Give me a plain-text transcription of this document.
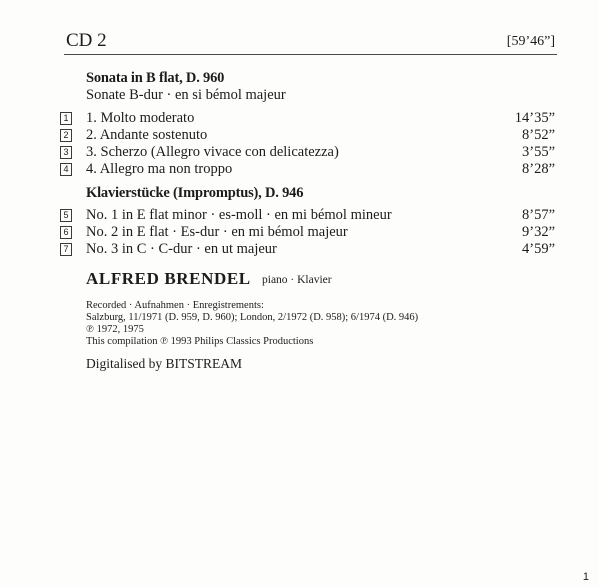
CD 2	[59’46”]
Sonata in B flat, D. 960
Sonate B-dur · en si bémol majeur
1 1. Molto moderato	14’35”
2 2. Andante sostenuto	8’52”
3 3. Scherzo (Allegro vivace con delicatezza)	3’55”
4 4. Allegro ma non troppo	8’28”
Klavierstücke (Impromptus), D. 946
5 No. 1 in E flat minor · es-moll · en mi bémol mineur	8’57”
6 No. 2 in E flat · Es-dur · en mi bémol majeur	9’32”
7 No. 3 in C · C-dur · en ut majeur	4’59”
ALFRED BRENDEL piano · Klavier
Recorded · Aufnahmen · Enregistrements:
Salzburg, 11/1971 (D. 959, D. 960); London, 2/1972 (D. 958); 6/1974 (D. 946)
℗ 1972, 1975
This compilation ℗ 1993 Philips Classics Productions
Digitalised by BITSTREAM
1
